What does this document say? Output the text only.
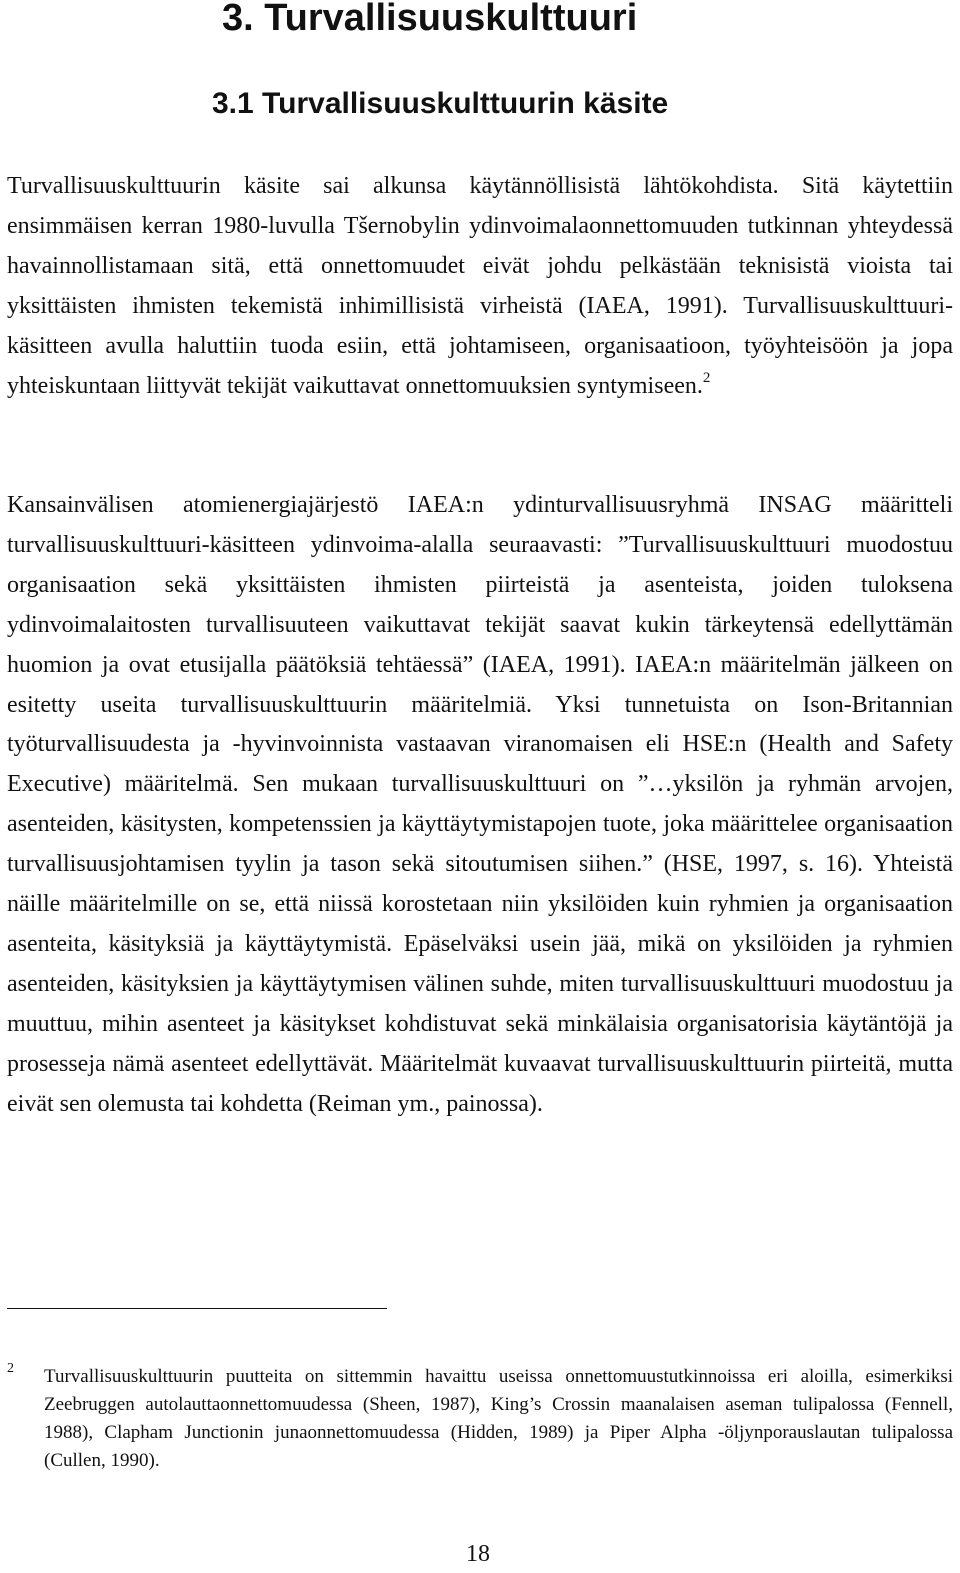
3. Turvallisuuskulttuuri
3.1 Turvallisuuskulttuurin käsite

Turvallisuuskulttuurin käsite sai alkunsa käytännöllisistä lähtökohdista. Sitä käytettiin ensimmäisen kerran 1980-luvulla Tšernobylin ydinvoimalaonnettomuuden tutkinnan yhteydessä havainnollistamaan sitä, että onnettomuudet eivät johdu pelkästään teknisistä vioista tai yksittäisten ihmisten tekemistä inhimillisistä virheistä (IAEA, 1991). Turvallisuuskulttuuri-käsitteen avulla haluttiin tuoda esiin, että johtamiseen, organisaatioon, työyhteisöön ja jopa yhteiskuntaan liittyvät tekijät vaikuttavat onnettomuuksien syntymiseen.$^2$

Kansainvälisen atomienergiajärjestö IAEA:n ydinturvallisuusryhmä INSAG määritteli turvallisuuskulttuuri-käsitteen ydinvoima-alalla seuraavasti: ”Turvallisuuskulttuuri muodostuu organisaation sekä yksittäisten ihmisten piirteistä ja asenteista, joiden tuloksena ydinvoimalaitosten turvallisuuteen vaikuttavat tekijät saavat kukin tärkeytensä edellyttämän huomion ja ovat etusijalla päätöksiä tehtäessä” (IAEA, 1991). IAEA:n määritelmän jälkeen on esitetty useita turvallisuuskulttuurin määritelmiä. Yksi tunnetuista on Ison-Britannian työturvallisuudesta ja -hyvinvoinnista vastaavan viranomaisen eli HSE:n (Health and Safety Executive) määritelmä. Sen mukaan turvallisuuskulttuuri on ”…yksilön ja ryhmän arvojen, asenteiden, käsitysten, kompetenssien ja käyttäytymistapojen tuote, joka määrittelee organisaation turvallisuusjohtamisen tyylin ja tason sekä sitoutumisen siihen.” (HSE, 1997, s. 16). Yhteistä näille määritelmille on se, että niissä korostetaan niin yksilöiden kuin ryhmien ja organisaation asenteita, käsityksiä ja käyttäytymistä. Epäselväksi usein jää, mikä on yksilöiden ja ryhmien asenteiden, käsityksien ja käyttäytymisen välinen suhde, miten turvallisuuskulttuuri muodostuu ja muuttuu, mihin asenteet ja käsitykset kohdistuvat sekä minkälaisia organisatorisia käytäntöjä ja prosesseja nämä asenteet edellyttävät. Määritelmät kuvaavat turvallisuuskulttuurin piirteitä, mutta eivät sen olemusta tai kohdetta (Reiman ym., painossa).

2 Turvallisuuskulttuurin puutteita on sittemmin havaittu useissa onnettomuustutkinnoissa eri aloilla, esimerkiksi Zeebruggen autolauttaonnettomuudessa (Sheen, 1987), King’s Crossin maanalaisen aseman tulipalossa (Fennell, 1988), Clapham Junctionin junaonnettomuudessa (Hidden, 1989) ja Piper Alpha -öljynporauslautan tulipalossa (Cullen, 1990).

18
